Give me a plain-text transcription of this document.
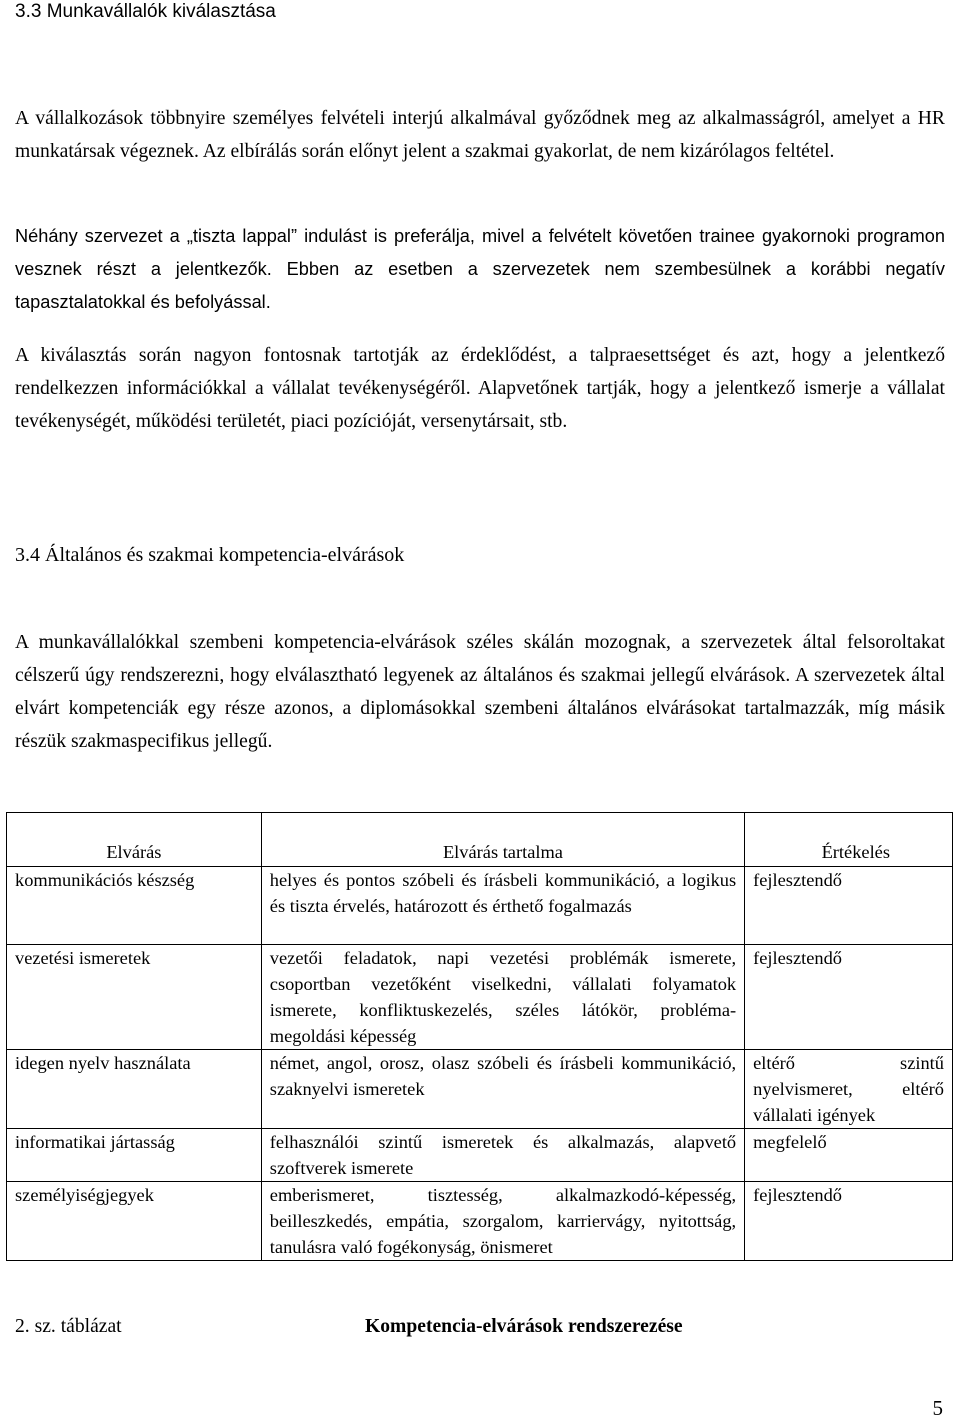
3.3 Munkavállalók kiválasztása

A vállalkozások többnyire személyes felvételi interjú alkalmával győződnek meg az alkalmasságról, amelyet a HR munkatársak végeznek. Az elbírálás során előnyt jelent a szakmai gyakorlat, de nem kizárólagos feltétel.

Néhány szervezet a „tiszta lappal” indulást is preferálja, mivel a felvételt követően trainee gyakornoki programon vesznek részt a jelentkezők. Ebben az esetben a szervezetek nem szembesülnek a korábbi negatív tapasztalatokkal és befolyással.

A kiválasztás során nagyon fontosnak tartotják az érdeklődést, a talpraesettséget és azt, hogy a jelentkező rendelkezzen információkkal a vállalat tevékenységéről. Alapvetőnek tartják, hogy a jelentkező ismerje a vállalat tevékenységét, működési területét, piaci pozícióját, versenytársait, stb.

3.4 Általános és szakmai kompetencia-elvárások

A munkavállalókkal szembeni kompetencia-elvárások széles skálán mozognak, a szervezetek által felsoroltakat célszerű úgy rendszerezni, hogy elválasztható legyenek az általános és szakmai jellegű elvárások. A szervezetek által elvárt kompetenciák egy része azonos, a diplomásokkal szembeni általános elvárásokat tartalmazzák, míg másik részük szakmaspecifikus jellegű.

Elvárás	Elvárás tartalma	Értékelés
kommunikációs készség	helyes és pontos szóbeli és írásbeli kommunikáció, a logikus és tiszta érvelés, határozott és érthető fogalmazás	fejlesztendő
vezetési ismeretek	vezetői feladatok, napi vezetési problémák ismerete, csoportban vezetőként viselkedni, vállalati folyamatok ismerete, konfliktuskezelés, széles látókör, probléma-megoldási képesség	fejlesztendő
idegen nyelv használata	német, angol, orosz, olasz szóbeli és írásbeli kommunikáció, szaknyelvi ismeretek	eltérő szintű nyelvismeret, eltérő vállalati igények
informatikai jártasság	felhasználói szintű ismeretek és alkalmazás, alapvető szoftverek ismerete	megfelelő
személyiségjegyek	emberismeret, tisztesség, alkalmazkodó-képesség, beilleszkedés, empátia, szorgalom, karriervágy, nyitottság, tanulásra való fogékonyság, önismeret	fejlesztendő
2. sz. táblázat	Kompetencia-elvárások rendszerezése
5
